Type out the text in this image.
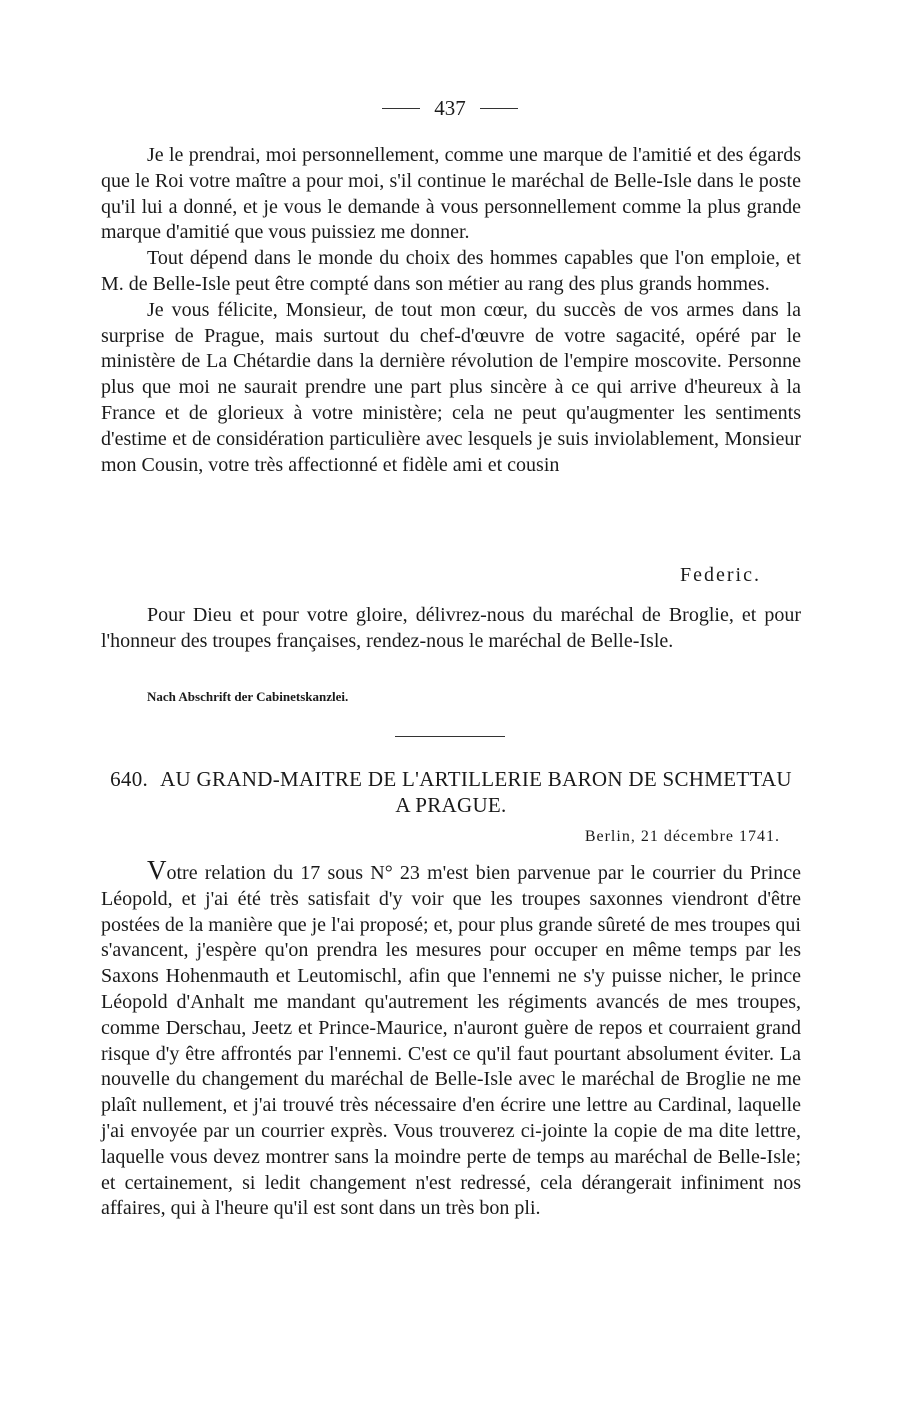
437

Je le prendrai, moi personnellement, comme une marque de l'amitié et des égards que le Roi votre maître a pour moi, s'il continue le maréchal de Belle-Isle dans le poste qu'il lui a donné, et je vous le demande à vous personnellement comme la plus grande marque d'amitié que vous puissiez me donner.

Tout dépend dans le monde du choix des hommes capables que l'on emploie, et M. de Belle-Isle peut être compté dans son métier au rang des plus grands hommes.

Je vous félicite, Monsieur, de tout mon cœur, du succès de vos armes dans la surprise de Prague, mais surtout du chef-d'œuvre de votre sagacité, opéré par le ministère de La Chétardie dans la dernière révolution de l'empire moscovite. Personne plus que moi ne saurait prendre une part plus sincère à ce qui arrive d'heureux à la France et de glorieux à votre ministère; cela ne peut qu'augmenter les sentiments d'estime et de considération particulière avec lesquels je suis inviolablement, Monsieur mon Cousin, votre très affectionné et fidèle ami et cousin

Federic.

Pour Dieu et pour votre gloire, délivrez-nous du maréchal de Broglie, et pour l'honneur des troupes françaises, rendez-nous le maréchal de Belle-Isle.

Nach Abschrift der Cabinetskanzlei.
640. AU GRAND-MAITRE DE L'ARTILLERIE BARON DE SCHMETTAU A PRAGUE.
Berlin, 21 décembre 1741.

Votre relation du 17 sous N° 23 m'est bien parvenue par le courrier du Prince Léopold, et j'ai été très satisfait d'y voir que les troupes saxonnes viendront d'être postées de la manière que je l'ai proposé; et, pour plus grande sûreté de mes troupes qui s'avancent, j'espère qu'on prendra les mesures pour occuper en même temps par les Saxons Hohenmauth et Leutomischl, afin que l'ennemi ne s'y puisse nicher, le prince Léopold d'Anhalt me mandant qu'autrement les régiments avancés de mes troupes, comme Derschau, Jeetz et Prince-Maurice, n'auront guère de repos et courraient grand risque d'y être affrontés par l'ennemi. C'est ce qu'il faut pourtant absolument éviter. La nouvelle du changement du maréchal de Belle-Isle avec le maréchal de Broglie ne me plaît nullement, et j'ai trouvé très nécessaire d'en écrire une lettre au Cardinal, laquelle j'ai envoyée par un courrier exprès. Vous trouverez ci-jointe la copie de ma dite lettre, laquelle vous devez montrer sans la moindre perte de temps au maréchal de Belle-Isle; et certainement, si ledit changement n'est redressé, cela dérangerait infiniment nos affaires, qui à l'heure qu'il est sont dans un très bon pli.
